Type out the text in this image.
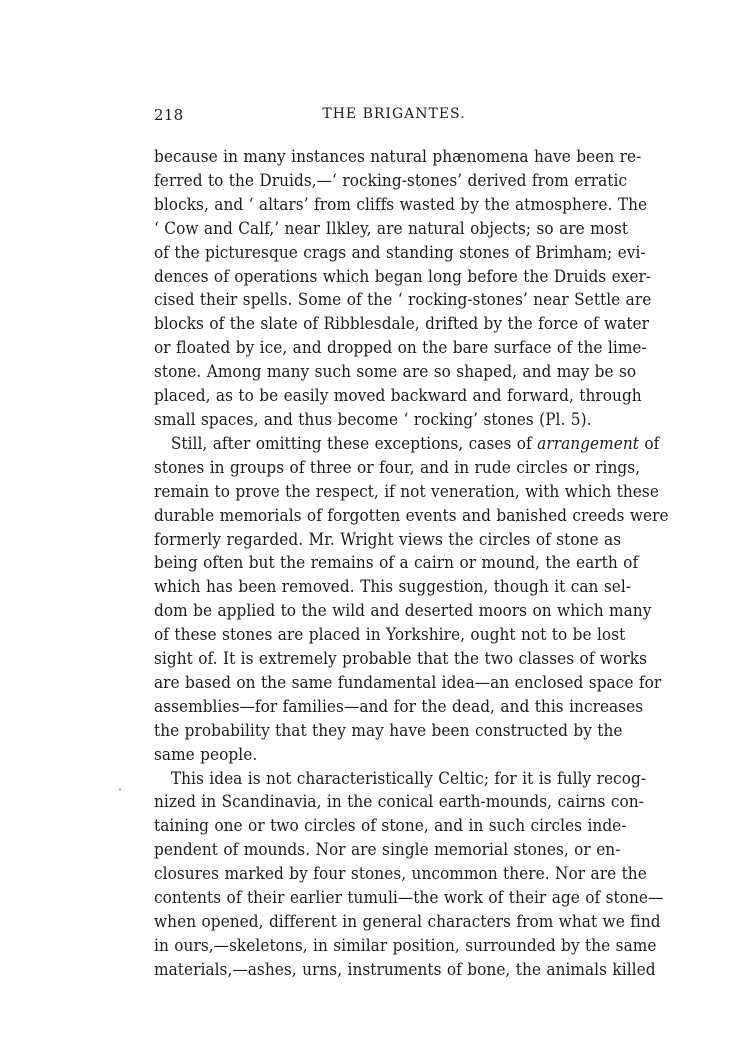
218	THE BRIGANTES.
because in many instances natural phænomena have been re-
ferred to the Druids,—‘ rocking-stones’ derived from erratic
blocks, and ‘ altars’ from cliffs wasted by the atmosphere. The
‘ Cow and Calf,’ near Ilkley, are natural objects; so are most
of the picturesque crags and standing stones of Brimham; evi-
dences of operations which began long before the Druids exer-
cised their spells. Some of the ‘ rocking-stones’ near Settle are
blocks of the slate of Ribblesdale, drifted by the force of water
or floated by ice, and dropped on the bare surface of the lime-
stone. Among many such some are so shaped, and may be so
placed, as to be easily moved backward and forward, through
small spaces, and thus become ‘ rocking’ stones (Pl. 5).
Still, after omitting these exceptions, cases of arrangement of
stones in groups of three or four, and in rude circles or rings,
remain to prove the respect, if not veneration, with which these
durable memorials of forgotten events and banished creeds were
formerly regarded. Mr. Wright views the circles of stone as
being often but the remains of a cairn or mound, the earth of
which has been removed. This suggestion, though it can sel-
dom be applied to the wild and deserted moors on which many
of these stones are placed in Yorkshire, ought not to be lost
sight of. It is extremely probable that the two classes of works
are based on the same fundamental idea—an enclosed space for
assemblies—for families—and for the dead, and this increases
the probability that they may have been constructed by the
same people.
This idea is not characteristically Celtic; for it is fully recog-
nized in Scandinavia, in the conical earth-mounds, cairns con-
taining one or two circles of stone, and in such circles inde-
pendent of mounds. Nor are single memorial stones, or en-
closures marked by four stones, uncommon there. Nor are the
contents of their earlier tumuli—the work of their age of stone—
when opened, different in general characters from what we find
in ours,—skeletons, in similar position, surrounded by the same
materials,—ashes, urns, instruments of bone, the animals killed
